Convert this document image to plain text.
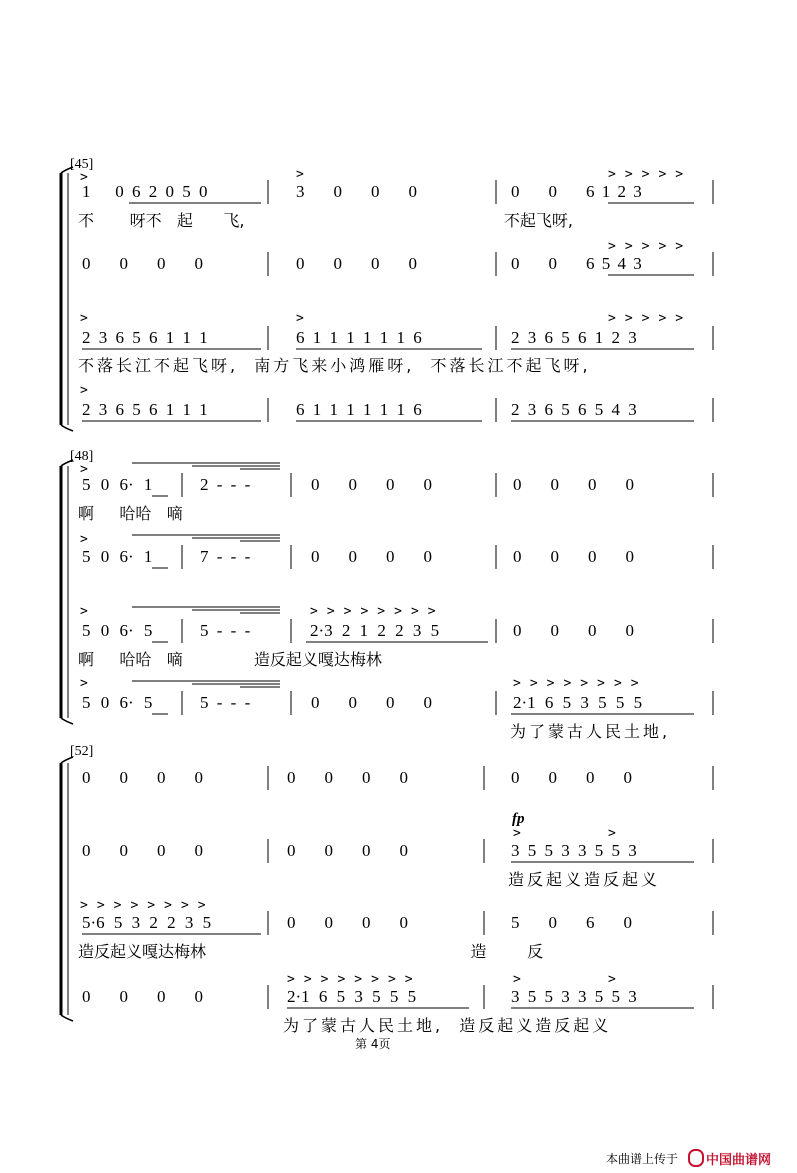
[45]
[48]
[52]
>	>	>>>>>
>>>>>
>	>	>>>>>
>
>
>
>
>
>>>>>>>>
>>>>>>>>
>	>
>>>>>>>>
>>>>>>>>	>	>
fp
1   0 6 2 0 5 0	3    0    0    0	0    0    6 1 2 3
不       呀不   起      飞,                                                   不起飞呀,
0    0    0    0	0    0    0    0	0    0    6 5 4 3
2 3 6 5 6 1 1 1	6 1 1 1 1 1 1 6	2 3 6 5 6 1 2 3
不落长江不起飞呀,  南方飞来小鸿雁呀,  不落长江不起飞呀,
2 3 6 5 6 1 1 1	6 1 1 1 1 1 1 6	2 3 6 5 6 5 4 3
5 0 6· 1	2 - - -	0    0    0    0	0    0    0    0
啊     哈哈   嘀
5 0 6· 1	7 - - -	0    0    0    0	0    0    0    0
5 0 6· 5	5 - - -	2·3 2 1 2 2 3 5	0    0    0    0
啊     哈哈   嘀              造反起义嘎达梅林
5 0 6· 5	5 - - -	0    0    0    0	2·1 6 5 3 5 5 5
为了蒙古人民土地,
0    0    0    0	0    0    0    0	0    0    0    0
0    0    0    0	0    0    0    0	3 5 5 3 3 5 5 3
造反起义造反起义
5·6 5 3 2 2 3 5	0    0    0    0	5    0    6    0
造反起义嘎达梅林                                                    造        反
0    0    0    0	2·1 6 5 3 5 5 5	3 5 5 3 3 5 5 3
为了蒙古人民土地,  造反起义造反起义
第 4页
本曲谱上传于 中国曲谱网
